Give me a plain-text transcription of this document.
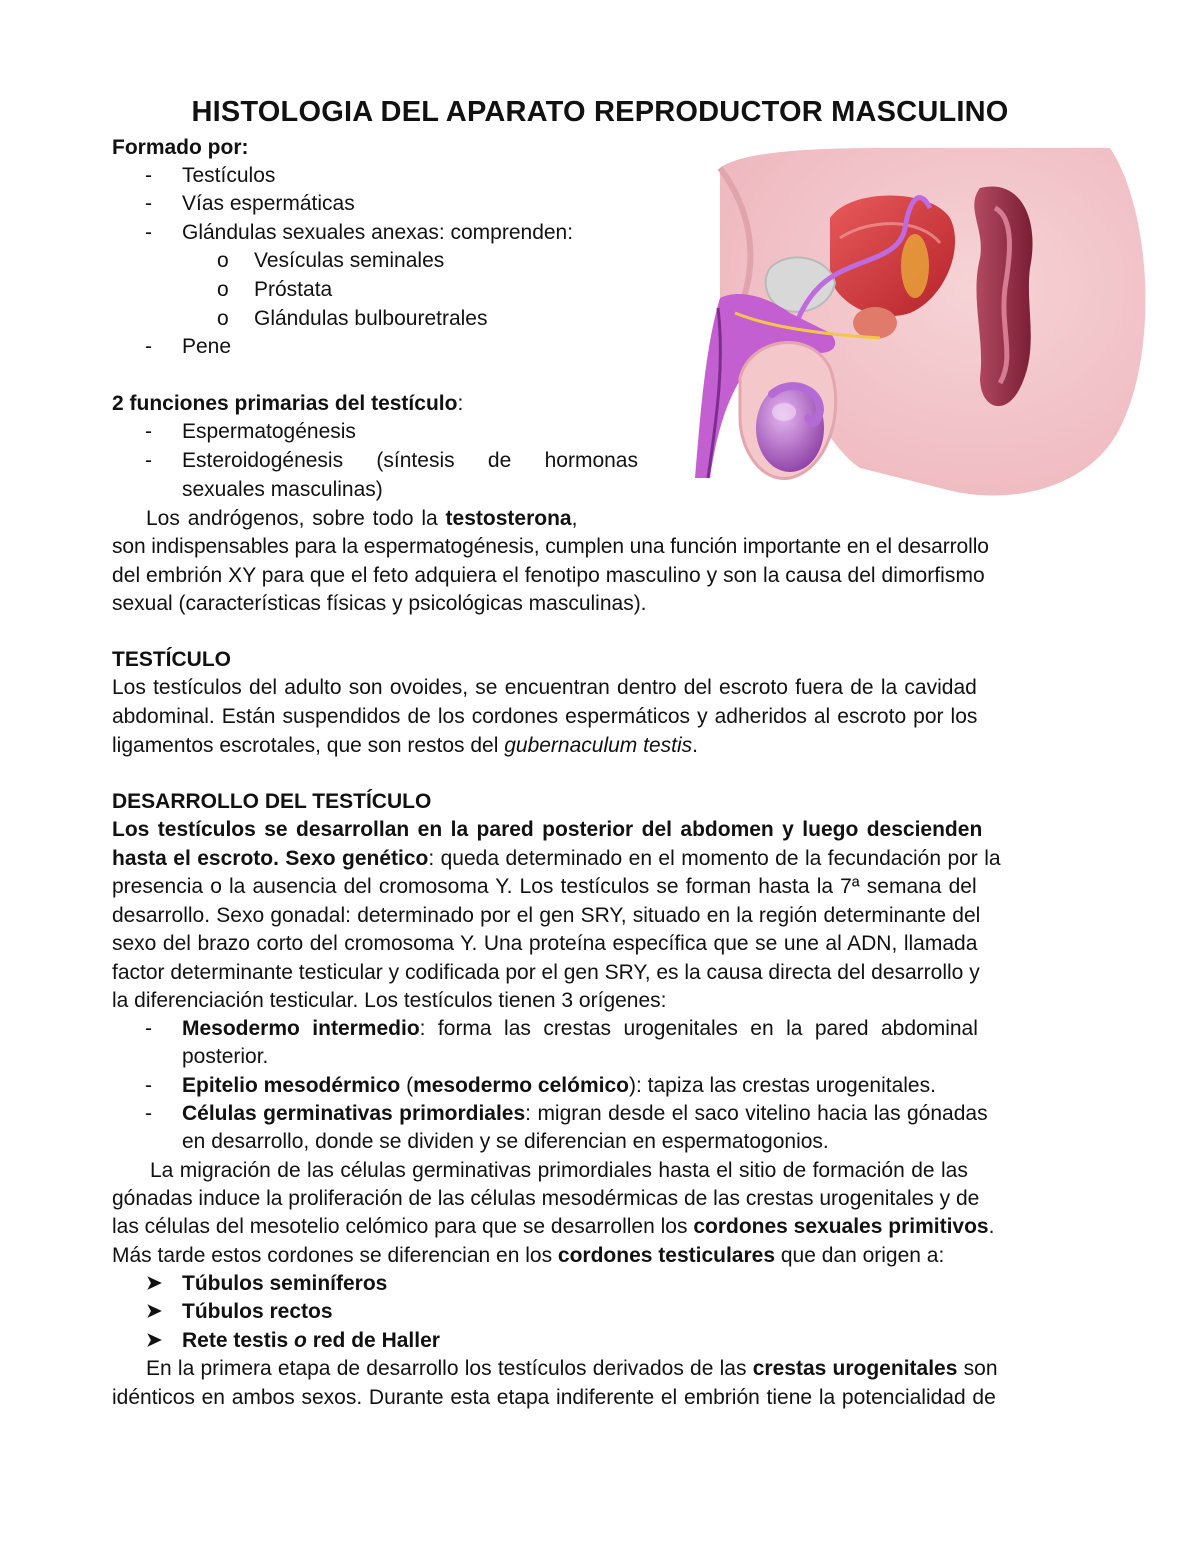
HISTOLOGIA DEL APARATO REPRODUCTOR MASCULINO
Formado por:
- Testículos
- Vías espermáticas
- Glándulas sexuales anexas: comprenden:
o Vesículas seminales
o Próstata
o Glándulas bulbouretrales
- Pene
2 funciones primarias del testículo:
- Espermatogénesis
- Esteroidogénesis (síntesis de hormonas
sexuales masculinas)
Los andrógenos, sobre todo la testosterona,
son indispensables para la espermatogénesis, cumplen una función importante en el desarrollo
del embrión XY para que el feto adquiera el fenotipo masculino y son la causa del dimorfismo
sexual (características físicas y psicológicas masculinas).
TESTÍCULO
Los testículos del adulto son ovoides, se encuentran dentro del escroto fuera de la cavidad
abdominal. Están suspendidos de los cordones espermáticos y adheridos al escroto por los
ligamentos escrotales, que son restos del gubernaculum testis.
DESARROLLO DEL TESTÍCULO
Los testículos se desarrollan en la pared posterior del abdomen y luego descienden
hasta el escroto. Sexo genético: queda determinado en el momento de la fecundación por la
presencia o la ausencia del cromosoma Y. Los testículos se forman hasta la 7ª semana del
desarrollo. Sexo gonadal: determinado por el gen SRY, situado en la región determinante del
sexo del brazo corto del cromosoma Y. Una proteína específica que se une al ADN, llamada
factor determinante testicular y codificada por el gen SRY, es la causa directa del desarrollo y
la diferenciación testicular. Los testículos tienen 3 orígenes:
- Mesodermo intermedio: forma las crestas urogenitales en la pared abdominal
posterior.
- Epitelio mesodérmico (mesodermo celómico): tapiza las crestas urogenitales.
- Células germinativas primordiales: migran desde el saco vitelino hacia las gónadas
en desarrollo, donde se dividen y se diferencian en espermatogonios.
La migración de las células germinativas primordiales hasta el sitio de formación de las
gónadas induce la proliferación de las células mesodérmicas de las crestas urogenitales y de
las células del mesotelio celómico para que se desarrollen los cordones sexuales primitivos.
Más tarde estos cordones se diferencian en los cordones testiculares que dan origen a:
➤ Túbulos seminíferos
➤ Túbulos rectos
➤ Rete testis o red de Haller
En la primera etapa de desarrollo los testículos derivados de las crestas urogenitales son
idénticos en ambos sexos. Durante esta etapa indiferente el embrión tiene la potencialidad de
